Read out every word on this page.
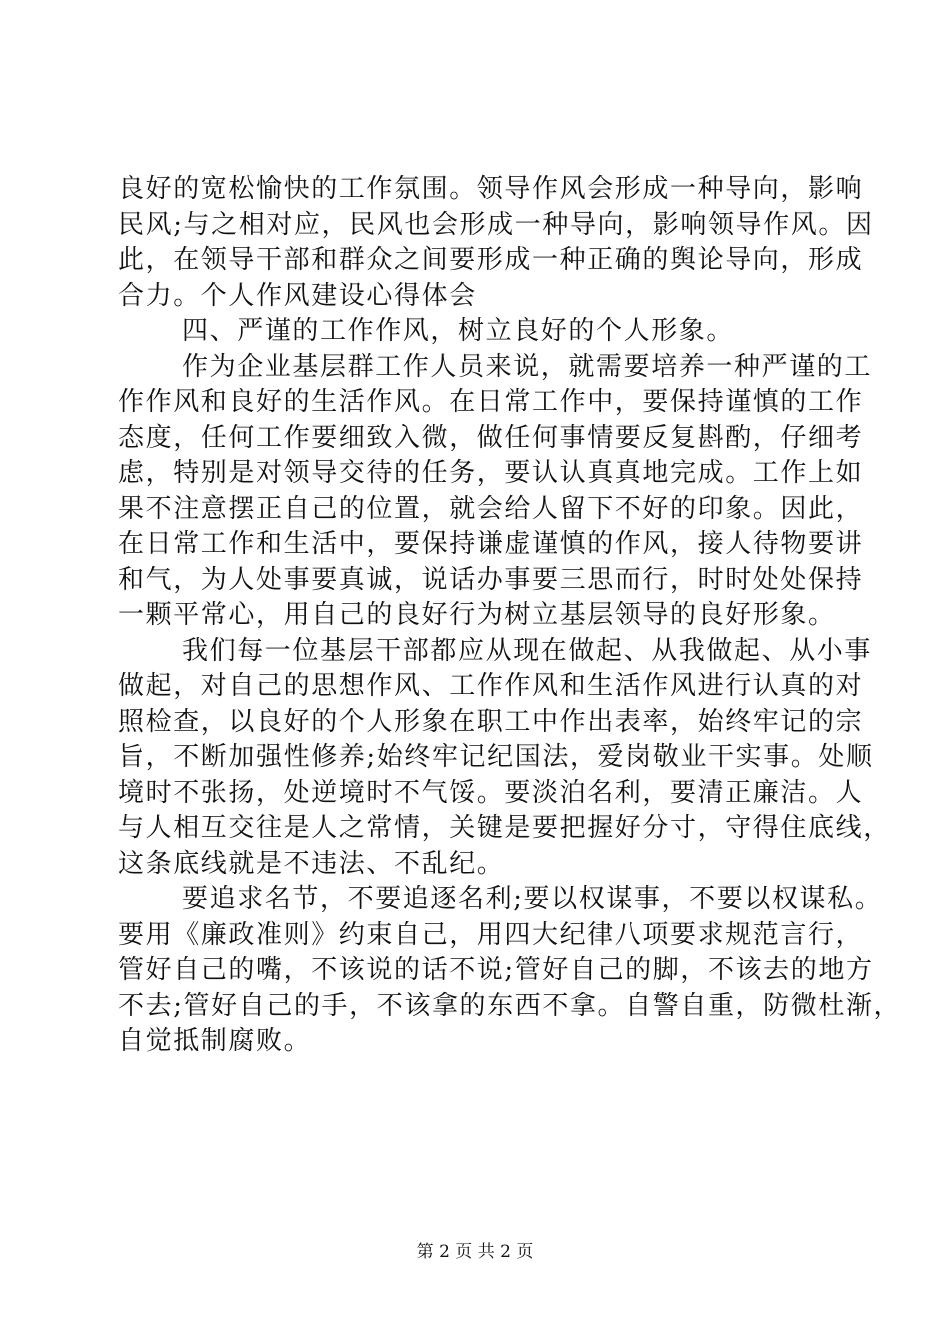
良好的宽松愉快的工作氛围。领导作风会形成一种导向，影响
民风;与之相对应，民风也会形成一种导向，影响领导作风。因
此，在领导干部和群众之间要形成一种正确的舆论导向，形成
合力。个人作风建设心得体会
四、严谨的工作作风，树立良好的个人形象。
作为企业基层群工作人员来说，就需要培养一种严谨的工
作作风和良好的生活作风。在日常工作中，要保持谨慎的工作
态度，任何工作要细致入微，做任何事情要反复斟酌，仔细考
虑，特别是对领导交待的任务，要认认真真地完成。工作上如
果不注意摆正自己的位置，就会给人留下不好的印象。因此，
在日常工作和生活中，要保持谦虚谨慎的作风，接人待物要讲
和气，为人处事要真诚，说话办事要三思而行，时时处处保持
一颗平常心，用自己的良好行为树立基层领导的良好形象。
我们每一位基层干部都应从现在做起、从我做起、从小事
做起，对自己的思想作风、工作作风和生活作风进行认真的对
照检查，以良好的个人形象在职工中作出表率，始终牢记的宗
旨，不断加强性修养;始终牢记纪国法，爱岗敬业干实事。处顺
境时不张扬，处逆境时不气馁。要淡泊名利，要清正廉洁。人
与人相互交往是人之常情，关键是要把握好分寸，守得住底线，
这条底线就是不违法、不乱纪。
要追求名节，不要追逐名利;要以权谋事，不要以权谋私。
要用《廉政准则》约束自己，用四大纪律八项要求规范言行，
管好自己的嘴，不该说的话不说;管好自己的脚，不该去的地方
不去;管好自己的手，不该拿的东西不拿。自警自重，防微杜渐，
自觉抵制腐败。
第 2 页 共 2 页
